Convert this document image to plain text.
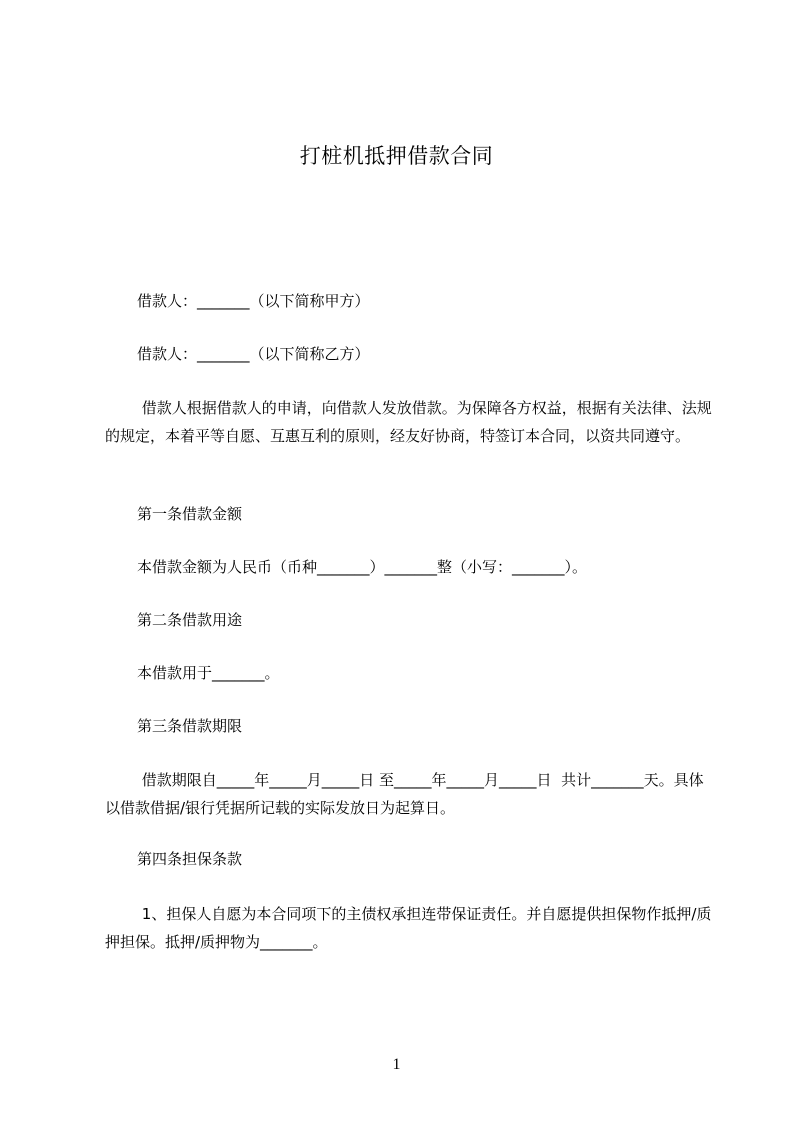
打桩机抵押借款合同

借款人：_______（以下简称甲方）

借款人：_______（以下简称乙方）

借款人根据借款人的申请，向借款人发放借款。为保障各方权益，根据有关法律、法规的规定，本着平等自愿、互惠互利的原则，经友好协商，特签订本合同，以资共同遵守。

第一条借款金额

本借款金额为人民币（币种_______）_______整（小写：_______）。

第二条借款用途

本借款用于_______。

第三条借款期限

借款期限自_____年_____月_____日 至_____年_____月_____日  共计_______天。具体以借款借据/银行凭据所记载的实际发放日为起算日。

第四条担保条款

1、担保人自愿为本合同项下的主债权承担连带保证责任。并自愿提供担保物作抵押/质押担保。抵押/质押物为_______。

1
